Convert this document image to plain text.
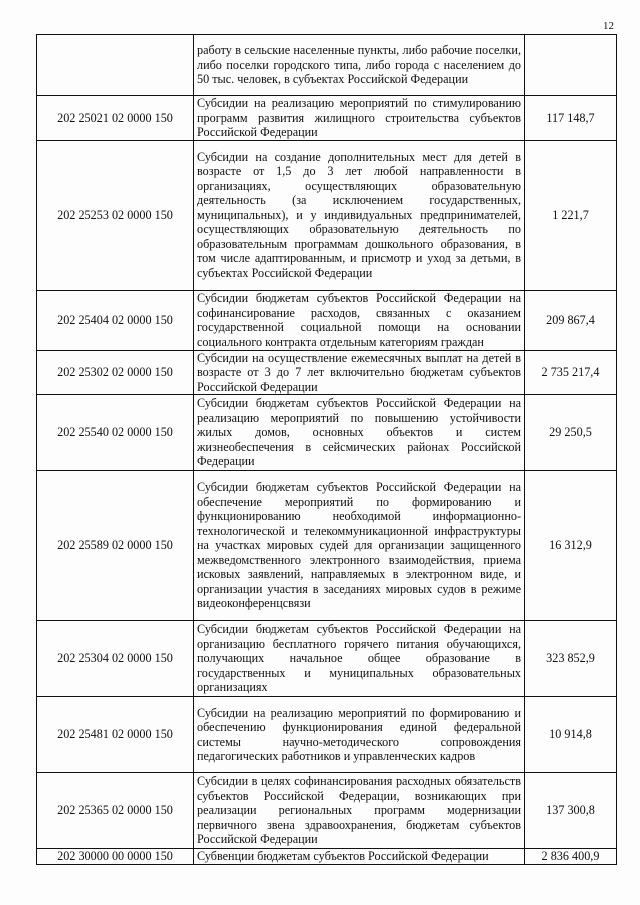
12
	работу в сельские населенные пункты, либо рабочие поселки, либо поселки городского типа, либо города с населением до 50 тыс. человек, в субъектах Российской Федерации	
202 25021 02 0000 150	Субсидии на реализацию мероприятий по стимулированию программ развития жилищного строительства субъектов Российской Федерации	117 148,7
202 25253 02 0000 150	Субсидии на создание дополнительных мест для детей в возрасте от 1,5 до 3 лет любой направленности в организациях, осуществляющих образовательную деятельность (за исключением государственных, муниципальных), и у индивидуальных предпринимателей, осуществляющих образовательную деятельность по образовательным программам дошкольного образования, в том числе адаптированным, и присмотр и уход за детьми, в субъектах Российской Федерации	1 221,7
202 25404 02 0000 150	Субсидии бюджетам субъектов Российской Федерации на софинансирование расходов, связанных с оказанием государственной социальной помощи на основании социального контракта отдельным категориям граждан	209 867,4
202 25302 02 0000 150	Субсидии на осуществление ежемесячных выплат на детей в возрасте от 3 до 7 лет включительно бюджетам субъектов Российской Федерации	2 735 217,4
202 25540 02 0000 150	Субсидии бюджетам субъектов Российской Федерации на реализацию мероприятий по повышению устойчивости жилых домов, основных объектов и систем жизнеобеспечения в сейсмических районах Российской Федерации	29 250,5
202 25589 02 0000 150	Субсидии бюджетам субъектов Российской Федерации на обеспечение мероприятий по формированию и функционированию необходимой информационно-технологической и телекоммуникационной инфраструктуры на участках мировых судей для организации защищенного межведомственного электронного взаимодействия, приема исковых заявлений, направляемых в электронном виде, и организации участия в заседаниях мировых судов в режиме видеоконференцсвязи	16 312,9
202 25304 02 0000 150	Субсидии бюджетам субъектов Российской Федерации на организацию бесплатного горячего питания обучающихся, получающих начальное общее образование в государственных и муниципальных образовательных организациях	323 852,9
202 25481 02 0000 150	Субсидии на реализацию мероприятий по формированию и обеспечению функционирования единой федеральной системы научно-методического сопровождения педагогических работников и управленческих кадров	10 914,8
202 25365 02 0000 150	Субсидии в целях софинансирования расходных обязательств субъектов Российской Федерации, возникающих при реализации региональных программ модернизации первичного звена здравоохранения, бюджетам субъектов Российской Федерации	137 300,8
202 30000 00 0000 150	Субвенции бюджетам субъектов Российской Федерации	2 836 400,9
